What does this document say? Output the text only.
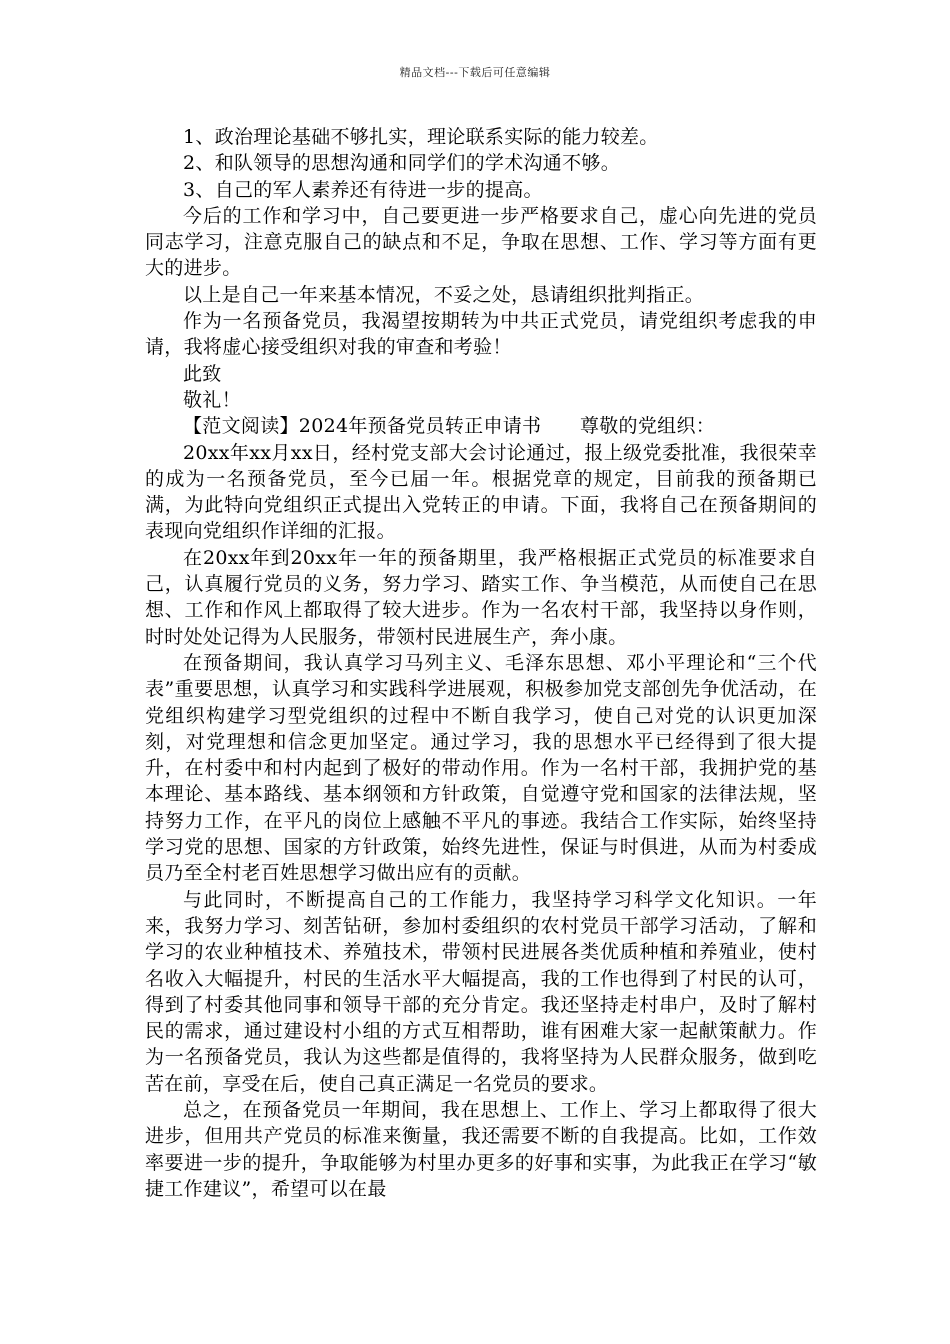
精品文档---下载后可任意编辑

1、政治理论基础不够扎实，理论联系实际的能力较差。

2、和队领导的思想沟通和同学们的学术沟通不够。

3、自己的军人素养还有待进一步的提高。

今后的工作和学习中，自己要更进一步严格要求自己，虚心向先进的党员同志学习，注意克服自己的缺点和不足，争取在思想、工作、学习等方面有更大的进步。

以上是自己一年来基本情况，不妥之处，恳请组织批判指正。

作为一名预备党员，我渴望按期转为中共正式党员，请党组织考虑我的申请，我将虚心接受组织对我的审查和考验！

此致

敬礼！

【范文阅读】2024年预备党员转正申请书　　尊敬的党组织：

20xx年xx月xx日，经村党支部大会讨论通过，报上级党委批准，我很荣幸的成为一名预备党员，至今已届一年。根据党章的规定，目前我的预备期已满，为此特向党组织正式提出入党转正的申请。下面，我将自己在预备期间的表现向党组织作详细的汇报。

在20xx年到20xx年一年的预备期里，我严格根据正式党员的标准要求自己，认真履行党员的义务，努力学习、踏实工作、争当模范，从而使自己在思想、工作和作风上都取得了较大进步。作为一名农村干部，我坚持以身作则，时时处处记得为人民服务，带领村民进展生产，奔小康。

在预备期间，我认真学习马列主义、毛泽东思想、邓小平理论和“三个代表”重要思想，认真学习和实践科学进展观，积极参加党支部创先争优活动，在党组织构建学习型党组织的过程中不断自我学习，使自己对党的认识更加深刻，对党理想和信念更加坚定。通过学习，我的思想水平已经得到了很大提升，在村委中和村内起到了极好的带动作用。作为一名村干部，我拥护党的基本理论、基本路线、基本纲领和方针政策，自觉遵守党和国家的法律法规，坚持努力工作，在平凡的岗位上感触不平凡的事迹。我结合工作实际，始终坚持学习党的思想、国家的方针政策，始终先进性，保证与时俱进，从而为村委成员乃至全村老百姓思想学习做出应有的贡献。

与此同时，不断提高自己的工作能力，我坚持学习科学文化知识。一年来，我努力学习、刻苦钻研，参加村委组织的农村党员干部学习活动，了解和学习的农业种植技术、养殖技术，带领村民进展各类优质种植和养殖业，使村名收入大幅提升，村民的生活水平大幅提高，我的工作也得到了村民的认可，得到了村委其他同事和领导干部的充分肯定。我还坚持走村串户，及时了解村民的需求，通过建设村小组的方式互相帮助，谁有困难大家一起献策献力。作为一名预备党员，我认为这些都是值得的，我将坚持为人民群众服务，做到吃苦在前，享受在后，使自己真正满足一名党员的要求。

总之，在预备党员一年期间，我在思想上、工作上、学习上都取得了很大进步，但用共产党员的标准来衡量，我还需要不断的自我提高。比如，工作效率要进一步的提升，争取能够为村里办更多的好事和实事，为此我正在学习“敏捷工作建议”，希望可以在最
